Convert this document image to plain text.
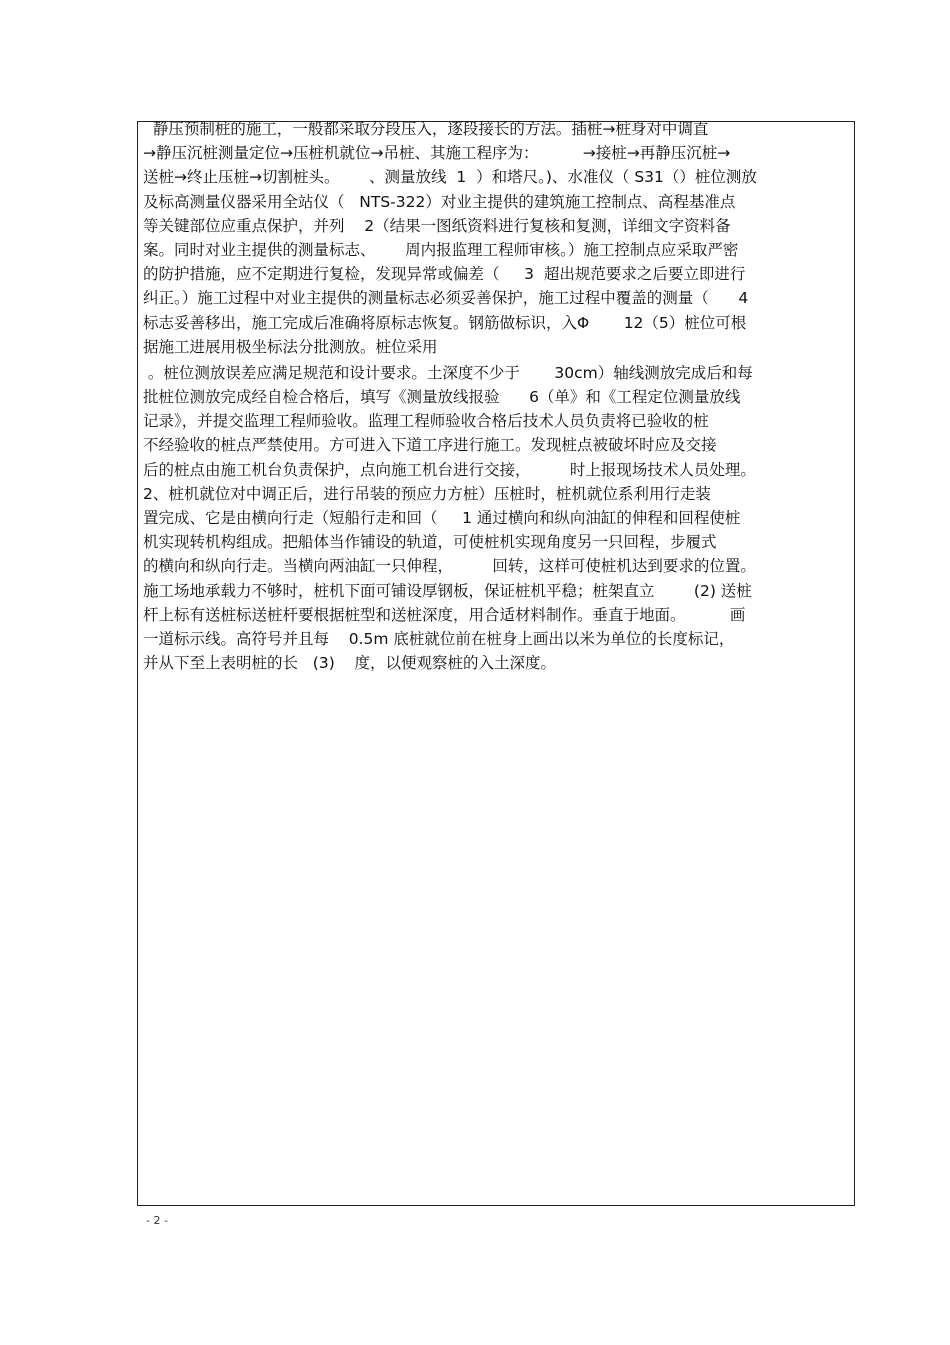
静压预制桩的施工，一般都采取分段压入，逐段接长的方法。插桩→桩身对中调直
→静压沉桩测量定位→压桩机就位→吊桩、其施工程序为：         →接桩→再静压沉桩→
送桩→终止压桩→切割桩头。      、测量放线  1  ）和塔尺。)、水准仪（ S31（）桩位测放
及标高测量仪器采用全站仪（   NTS-322）对业主提供的建筑施工控制点、高程基准点
等关键部位应重点保护，并列    2（结果一图纸资料进行复核和复测，详细文字资料备
案。同时对业主提供的测量标志、      周内报监理工程师审核。）施工控制点应采取严密
的防护措施，应不定期进行复检，发现异常或偏差（     3  超出规范要求之后要立即进行
纠正。）施工过程中对业主提供的测量标志必须妥善保护，施工过程中覆盖的测量（      4
标志妥善移出，施工完成后准确将原标志恢复。钢筋做标识，入Φ       12（5）桩位可根
据施工进展用极坐标法分批测放。桩位采用
。桩位测放误差应满足规范和设计要求。土深度不少于       30cm）轴线测放完成后和每
批桩位测放完成经自检合格后，填写《测量放线报验      6（单》和《工程定位测量放线
记录》，并提交监理工程师验收。监理工程师验收合格后技术人员负责将已验收的桩
不经验收的桩点严禁使用。方可进入下道工序进行施工。发现桩点被破坏时应及交接
后的桩点由施工机台负责保护，点向施工机台进行交接，        时上报现场技术人员处理。
2、桩机就位对中调正后，进行吊装的预应力方桩）压桩时，桩机就位系利用行走装
置完成、它是由横向行走（短船行走和回（     1 通过横向和纵向油缸的伸程和回程使桩
机实现转机构组成。把船体当作铺设的轨道，可使桩机实现角度另一只回程，步履式
的横向和纵向行走。当横向两油缸一只伸程，        回转，这样可使桩机达到要求的位置。
施工场地承载力不够时，桩机下面可铺设厚钢板，保证桩机平稳；桩架直立        (2) 送桩
杆上标有送桩标送桩杆要根据桩型和送桩深度，用合适材料制作。垂直于地面。         画
一道标示线。高符号并且每    0.5m 底桩就位前在桩身上画出以米为单位的长度标记，
并从下至上表明桩的长   (3)    度，以便观察桩的入土深度。
- 2 -
